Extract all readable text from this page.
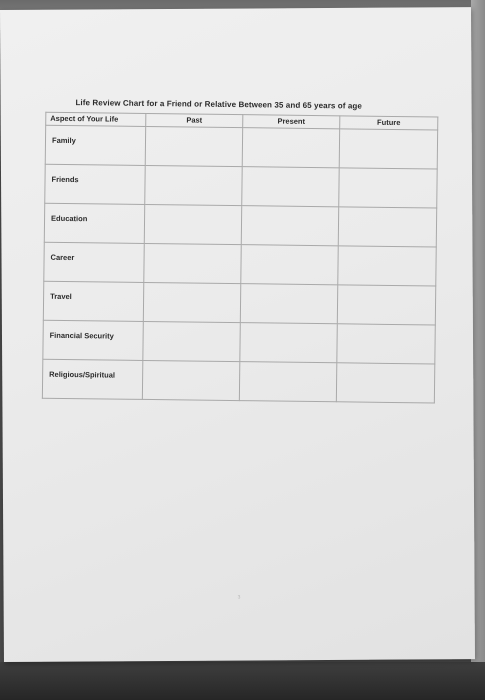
Life Review Chart for a Friend or Relative Between 35 and 65 years of age
Aspect of Your Life	Past	Present	Future
Family			
Friends			
Education			
Career			
Travel			
Financial Security			
Religious/Spiritual			
3
